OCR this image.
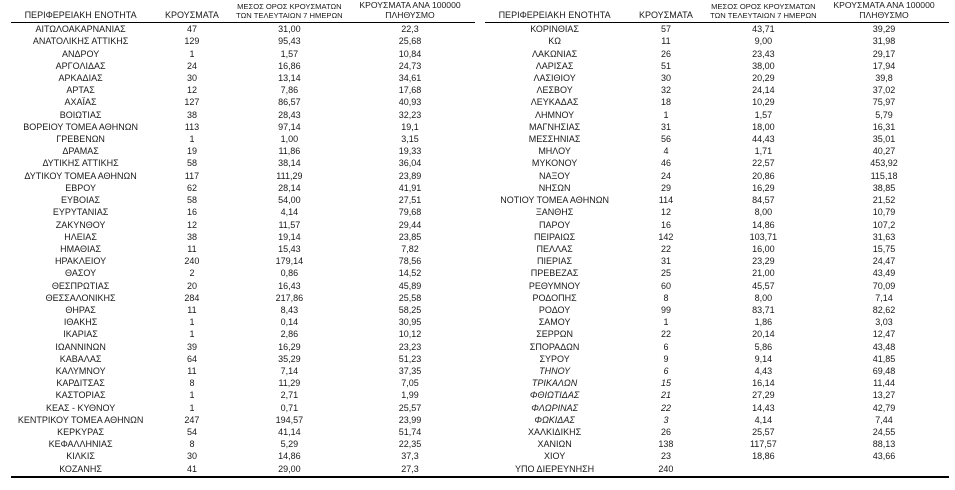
ΠΕΡΙΦΕΡΕΙΑΚΗ ΕΝΟΤΗΤΑ	ΚΡΟΥΣΜΑΤΑ	ΜΕΣΟΣ ΟΡΟΣ ΚΡΟΥΣΜΑΤΩΝ
ΤΩΝ ΤΕΛΕΥΤΑΙΩΝ 7 ΗΜΕΡΩΝ	ΚΡΟΥΣΜΑΤΑ ΑΝΑ 100000
ΠΛΗΘΥΣΜΟ
ΑΙΤΩΛΟΑΚΑΡΝΑΝΙΑΣ	47	31,00	22,3
ΑΝΑΤΟΛΙΚΗΣ ΑΤΤΙΚΗΣ	129	95,43	25,68
ΑΝΔΡΟΥ	1	1,57	10,84
ΑΡΓΟΛΙΔΑΣ	24	16,86	24,73
ΑΡΚΑΔΙΑΣ	30	13,14	34,61
ΑΡΤΑΣ	12	7,86	17,68
ΑΧΑΪΑΣ	127	86,57	40,93
ΒΟΙΩΤΙΑΣ	38	28,43	32,23
ΒΟΡΕΙΟΥ ΤΟΜΕΑ ΑΘΗΝΩΝ	113	97,14	19,1
ΓΡΕΒΕΝΩΝ	1	1,00	3,15
ΔΡΑΜΑΣ	19	11,86	19,33
ΔΥΤΙΚΗΣ ΑΤΤΙΚΗΣ	58	38,14	36,04
ΔΥΤΙΚΟΥ ΤΟΜΕΑ ΑΘΗΝΩΝ	117	111,29	23,89
ΕΒΡΟΥ	62	28,14	41,91
ΕΥΒΟΙΑΣ	58	54,00	27,51
ΕΥΡΥΤΑΝΙΑΣ	16	4,14	79,68
ΖΑΚΥΝΘΟΥ	12	11,57	29,44
ΗΛΕΙΑΣ	38	19,14	23,85
ΗΜΑΘΙΑΣ	11	15,43	7,82
ΗΡΑΚΛΕΙΟΥ	240	179,14	78,56
ΘΑΣΟΥ	2	0,86	14,52
ΘΕΣΠΡΩΤΙΑΣ	20	16,43	45,89
ΘΕΣΣΑΛΟΝΙΚΗΣ	284	217,86	25,58
ΘΗΡΑΣ	11	8,43	58,25
ΙΘΑΚΗΣ	1	0,14	30,95
ΙΚΑΡΙΑΣ	1	2,86	10,12
ΙΩΑΝΝΙΝΩΝ	39	16,29	23,23
ΚΑΒΑΛΑΣ	64	35,29	51,23
ΚΑΛΥΜΝΟΥ	11	7,14	37,35
ΚΑΡΔΙΤΣΑΣ	8	11,29	7,05
ΚΑΣΤΟΡΙΑΣ	1	2,71	1,99
ΚΕΑΣ - ΚΥΘΝΟΥ	1	0,71	25,57
ΚΕΝΤΡΙΚΟΥ ΤΟΜΕΑ ΑΘΗΝΩΝ	247	194,57	23,99
ΚΕΡΚΥΡΑΣ	54	41,14	51,74
ΚΕΦΑΛΛΗΝΙΑΣ	8	5,29	22,35
ΚΙΛΚΙΣ	30	14,86	37,3
ΚΟΖΑΝΗΣ	41	29,00	27,3
ΠΕΡΙΦΕΡΕΙΑΚΗ ΕΝΟΤΗΤΑ	ΚΡΟΥΣΜΑΤΑ	ΜΕΣΟΣ ΟΡΟΣ ΚΡΟΥΣΜΑΤΩΝ
ΤΩΝ ΤΕΛΕΥΤΑΙΩΝ 7 ΗΜΕΡΩΝ	ΚΡΟΥΣΜΑΤΑ ΑΝΑ 100000
ΠΛΗΘΥΣΜΟ
ΚΟΡΙΝΘΙΑΣ	57	43,71	39,29
ΚΩ	11	9,00	31,98
ΛΑΚΩΝΙΑΣ	26	23,43	29,17
ΛΑΡΙΣΑΣ	51	38,00	17,94
ΛΑΣΙΘΙΟΥ	30	20,29	39,8
ΛΕΣΒΟΥ	32	24,14	37,02
ΛΕΥΚΑΔΑΣ	18	10,29	75,97
ΛΗΜΝΟΥ	1	1,57	5,79
ΜΑΓΝΗΣΙΑΣ	31	18,00	16,31
ΜΕΣΣΗΝΙΑΣ	56	44,43	35,01
ΜΗΛΟΥ	4	1,71	40,27
ΜΥΚΟΝΟΥ	46	22,57	453,92
ΝΑΞΟΥ	24	20,86	115,18
ΝΗΣΩΝ	29	16,29	38,85
ΝΟΤΙΟΥ ΤΟΜΕΑ ΑΘΗΝΩΝ	114	84,57	21,52
ΞΑΝΘΗΣ	12	8,00	10,79
ΠΑΡΟΥ	16	14,86	107,2
ΠΕΙΡΑΙΩΣ	142	103,71	31,63
ΠΕΛΛΑΣ	22	16,00	15,75
ΠΙΕΡΙΑΣ	31	23,29	24,47
ΠΡΕΒΕΖΑΣ	25	21,00	43,49
ΡΕΘΥΜΝΟΥ	60	45,57	70,09
ΡΟΔΟΠΗΣ	8	8,00	7,14
ΡΟΔΟΥ	99	83,71	82,62
ΣΑΜΟΥ	1	1,86	3,03
ΣΕΡΡΩΝ	22	20,14	12,47
ΣΠΟΡΑΔΩΝ	6	5,86	43,48
ΣΥΡΟΥ	9	9,14	41,85
ΤΗΝΟΥ	6	4,43	69,48
ΤΡΙΚΑΛΩΝ	15	16,14	11,44
ΦΘΙΩΤΙΔΑΣ	21	27,29	13,27
ΦΛΩΡΙΝΑΣ	22	14,43	42,79
ΦΩΚΙΔΑΣ	3	4,14	7,44
ΧΑΛΚΙΔΙΚΗΣ	26	25,57	24,55
ΧΑΝΙΩΝ	138	117,57	88,13
ΧΙΟΥ	23	18,86	43,66
ΥΠΟ ΔΙΕΡΕΥΝΗΣΗ	240		
